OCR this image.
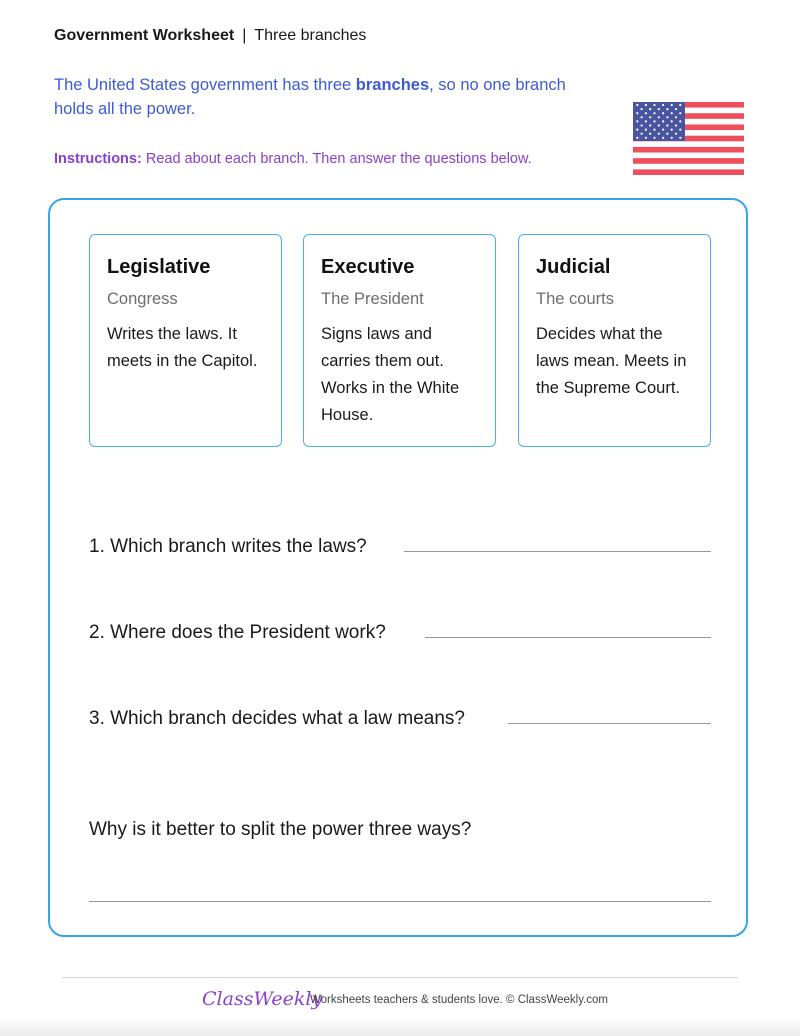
Government Worksheet | Three branches
The United States government has three branches, so no one branch holds all the power.
Instructions: Read about each branch. Then answer the questions below.
Legislative
Congress
Writes the laws. It meets in the Capitol.
Executive
The President
Signs laws and carries them out. Works in the White House.
Judicial
The courts
Decides what the laws mean. Meets in the Supreme Court.
1. Which branch writes the laws?
2. Where does the President work?
3. Which branch decides what a law means?
Why is it better to split the power three ways?
ClassWeekly
Worksheets teachers & students love. © ClassWeekly.com
